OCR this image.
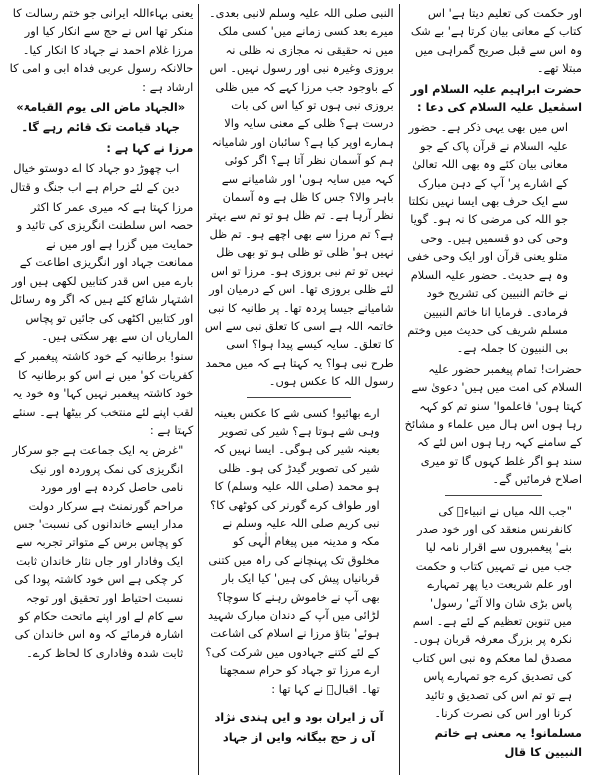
اور حکمت کی تعلیم دیتا ہے' اس کتاب کے معانی بیان کرتا ہے' بے شک وہ اس سے قبل صریح گمراہی میں مبتلا تھے۔

حضرت ابراہیم علیہ السلام اور اسمٰعیل علیہ السلام کی دعا :

اس میں بھی یہی ذکر ہے۔ حضور علیہ السلام نے قرآن پاک کے جو معانی بیان کئے وہ بھی اللہ تعالیٰ کے اشارے پر' آپ کے دہن مبارک سے ایک حرف بھی ایسا نہیں نکلتا جو اللہ کی مرضی کا نہ ہو۔ گویا وحی کی دو قسمیں ہیں۔ وحی متلو یعنی قرآن اور ایک وحی خفی وہ ہے حدیث۔ حضور علیہ السلام نے خاتم النبیین کی تشریح خود فرمادی۔ فرمایا انا خاتم النبیین مسلم شریف کی حدیث میں وختم بی النبیون کا جملہ ہے۔

حضرات! تمام پیغمبر حضور علیہ السلام کی امت میں ہیں' دعویٰ سے کہتا ہوں' فاعلموا' سنو تم کو کہہ رہا ہوں اس ہال میں علماء و مشائخ کے سامنے کہہ رہا ہوں اس لئے کہ سند ہو اگر غلط کہوں گا تو میری اصلاح فرمائیں گے۔

"جب اللہ میاں نے انبیاءؑ کی کانفرنس منعقد کی اور خود صدر بنے' پیغمبروں سے اقرار نامہ لیا جب میں نے تمہیں کتاب و حکمت اور علم شریعت دیا پھر تمہارے پاس بڑی شان والا آئے' رسول' میں تنوین تعظیم کے لئے ہے۔ اسم نکرہ پر بزرگ معرفہ قربان ہوں۔ مصدق لما معکم وہ نبی اس کتاب کی تصدیق کرے جو تمہارے پاس ہے تو تم اس کی تصدیق و تائید کرنا اور اس کی نصرت کرنا۔

مسلمانو! یہ معنی ہے خاتم النبیین کا قال

النبی صلی اللہ علیہ وسلم لانبی بعدی۔ میرے بعد کسی زمانے میں' کسی ملک میں نہ حقیقی نہ مجازی نہ ظلی نہ بروزی وغیرہ نبی اور رسول نہیں۔ اس کے باوجود جب مرزا کہے کہ میں ظلی بروزی نبی ہوں تو کیا اس کی بات درست ہے؟ ظلی کے معنی سایہ والا ہمارے اوپر کیا ہے؟ سائبان اور شامیانہ ہم کو آسمان نظر آتا ہے؟ اگر کوئی کہہ میں سایہ ہوں' اور شامیانے سے باہر والا؟ جس کا ظل ہے وہ آسمان نظر آرہا ہے۔ تم ظل ہو تو تم سے بہتر ہے؟ تم مرزا سے بھی اچھے ہو۔ تم ظل نہیں ہو' ظلی تو ظلی ہو تو بھی ظل نہیں تو تم نبی بروزی ہو۔ مرزا تو اس لئے ظلی بروزی تھا۔ اس کے درمیان اور شامیانے جیسا پردہ تھا۔ پر طانیہ کا نبی خاتمہ اللہ ہے اسی کا تعلق نبی سے اس کا تعلق۔ سایہ کیسے پیدا ہوا؟ اسی طرح نبی ہوا؟ یہ کہتا ہے کہ میں محمد رسول اللہ کا عکس ہوں۔

ارے بھائیو! کسی شے کا عکس بعینہ وہی شے ہوتا ہے؟ شیر کی تصویر بعینہ شیر کی ہوگی۔ ایسا نہیں کہ شیر کی تصویر گیدڑ کی ہو۔ ظلی ہو محمد (صلی اللہ علیہ وسلم) کا اور طواف کرے گورنر کی کوٹھی کا؟ نبی کریم صلی اللہ علیہ وسلم نے مکہ و مدینہ میں پیغام الٰہی کو مخلوق تک پہنچانے کی راہ میں کتنی قربانیاں پیش کی ہیں' کیا ایک بار بھی آپ نے خاموش رہنے کا سوچا؟ لڑائی میں آپ کے دندان مبارک شہید ہوئے' بتاؤ مرزا نے اسلام کی اشاعت کے لئے کتنے جہادوں میں شرکت کی؟ ارے مرزا تو جہاد کو حرام سمجھتا تھا۔ اقبالؒ نے کہا تھا :

آں ز ایران بود و ایں ہندی نژاد

آں ز حج بیگانہ وایں از جہاد

یعنی بہاءاللہ ایرانی جو ختم رسالت کا منکر تھا اس نے حج سے انکار کیا اور مرزا غلام احمد نے جہاد کا انکار کیا۔ حالانکہ رسول عربی فداہ ابی و امی کا ارشاد ہے :

«الجہاد ماض الی یوم القیامۃ»

جہاد قیامت تک قائم رہے گا۔

مرزا نے کہا ہے :

اب چھوڑ دو جہاد کا اے دوستو خیال دین کے لئے حرام ہے اب جنگ و قتال

مرزا کہتا ہے کہ میری عمر کا اکثر حصہ اس سلطنت انگریزی کی تائید و حمایت میں گزرا ہے اور میں نے ممانعت جہاد اور انگریزی اطاعت کے بارے میں اس قدر کتابیں لکھی ہیں اور اشتہار شائع کئے ہیں کہ اگر وہ رسائل اور کتابیں اکٹھی کی جائیں تو پچاس الماریاں ان سے بھر سکتی ہیں۔

سنو! برطانیہ کے خود کاشتہ پیغمبر کے کفریات کو' میں نے اس کو برطانیہ کا خود کاشتہ پیغمبر نہیں کہا' وہ خود یہ لقب اپنے لئے منتخب کر بیٹھا ہے۔ سنئے کہتا ہے :

"غرض یہ ایک جماعت ہے جو سرکار انگریزی کی نمک پروردہ اور نیک نامی حاصل کردہ ہے اور مورد مراحم گورنمنٹ ہے سرکار دولت مدار ایسے خاندانوں کی نسبت' جس کو پچاس برس کے متواتر تجربہ سے ایک وفادار اور جاں نثار خاندان ثابت کر چکی ہے اس خود کاشتہ پودا کی نسبت احتیاط اور تحقیق اور توجہ سے کام لے اور اپنے ماتحت حکام کو اشارہ فرمائے کہ وہ اس خاندان کی ثابت شدہ وفاداری کا لحاظ کرے۔
